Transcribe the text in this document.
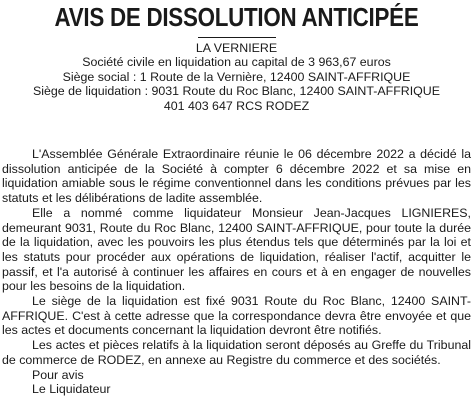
AVIS DE DISSOLUTION ANTICIPÉE
LA VERNIERE
Société civile en liquidation au capital de 3 963,67 euros
Siège social : 1 Route de la Vernière, 12400 SAINT-AFFRIQUE
Siège de liquidation : 9031 Route du Roc Blanc, 12400 SAINT-AFFRIQUE
401 403 647 RCS RODEZ

L'Assemblée Générale Extraordinaire réunie le 06 décembre 2022 a décidé la dissolution anticipée de la Société à compter 6 décembre 2022 et sa mise en liquidation amiable sous le régime conventionnel dans les conditions prévues par les statuts et les délibérations de ladite assemblée.

Elle a nommé comme liquidateur Monsieur Jean-Jacques LIGNIERES, demeurant 9031, Route du Roc Blanc, 12400 SAINT-AFFRIQUE, pour toute la durée de la liquidation, avec les pouvoirs les plus étendus tels que déterminés par la loi et les statuts pour procéder aux opérations de liquidation, réaliser l'actif, acquitter le passif, et l'a autorisé à continuer les affaires en cours et à en engager de nouvelles pour les besoins de la liquidation.

Le siège de la liquidation est fixé 9031 Route du Roc Blanc, 12400 SAINT-AFFRIQUE. C'est à cette adresse que la correspondance devra être envoyée et que les actes et documents concernant la liquidation devront être notifiés.

Les actes et pièces relatifs à la liquidation seront déposés au Greffe du Tribunal de commerce de RODEZ, en annexe au Registre du commerce et des sociétés.

Pour avis
Le Liquidateur
